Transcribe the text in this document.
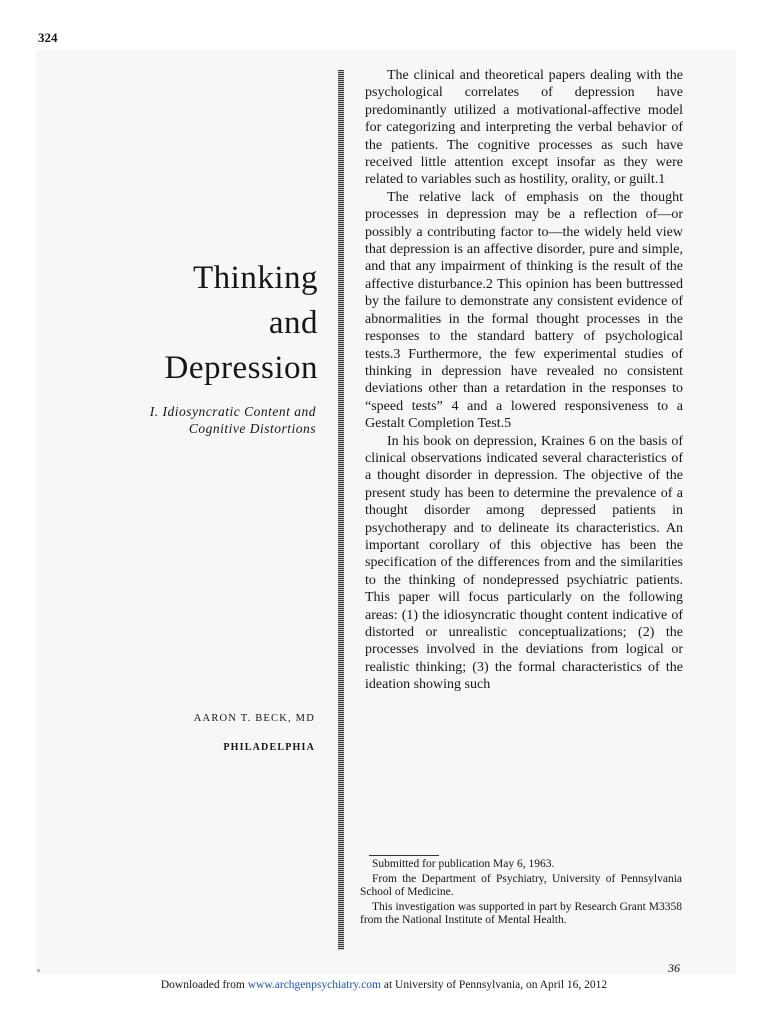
324
Thinking
and
Depression
I. Idiosyncratic Content and
Cognitive Distortions
AARON T. BECK, MD
PHILADELPHIA

The clinical and theoretical papers dealing with the psychological correlates of depression have predominantly utilized a motivational-affective model for categorizing and interpreting the verbal behavior of the patients. The cognitive processes as such have received little attention except insofar as they were related to variables such as hostility, orality, or guilt.1

The relative lack of emphasis on the thought processes in depression may be a reflection of—or possibly a contributing factor to—the widely held view that depression is an affective disorder, pure and simple, and that any impairment of thinking is the result of the affective disturbance.2 This opinion has been buttressed by the failure to demonstrate any consistent evidence of abnormalities in the formal thought processes in the responses to the standard battery of psychological tests.3 Furthermore, the few experimental studies of thinking in depression have revealed no consistent deviations other than a retardation in the responses to “speed tests” 4 and a lowered responsiveness to a Gestalt Completion Test.5

In his book on depression, Kraines 6 on the basis of clinical observations indicated several characteristics of a thought disorder in depression. The objective of the present study has been to determine the prevalence of a thought disorder among depressed patients in psychotherapy and to delineate its characteristics. An important corollary of this objective has been the specification of the differences from and the similarities to the thinking of nondepressed psychiatric patients. This paper will focus particularly on the following areas: (1) the idiosyncratic thought content indicative of distorted or unrealistic conceptualizations; (2) the processes involved in the deviations from logical or realistic thinking; (3) the formal characteristics of the ideation showing such

Submitted for publication May 6, 1963.

From the Department of Psychiatry, University of Pennsylvania School of Medicine.

This investigation was supported in part by Research Grant M3358 from the National Institute of Mental Health.

36
Downloaded from www.archgenpsychiatry.com at University of Pennsylvania, on April 16, 2012
